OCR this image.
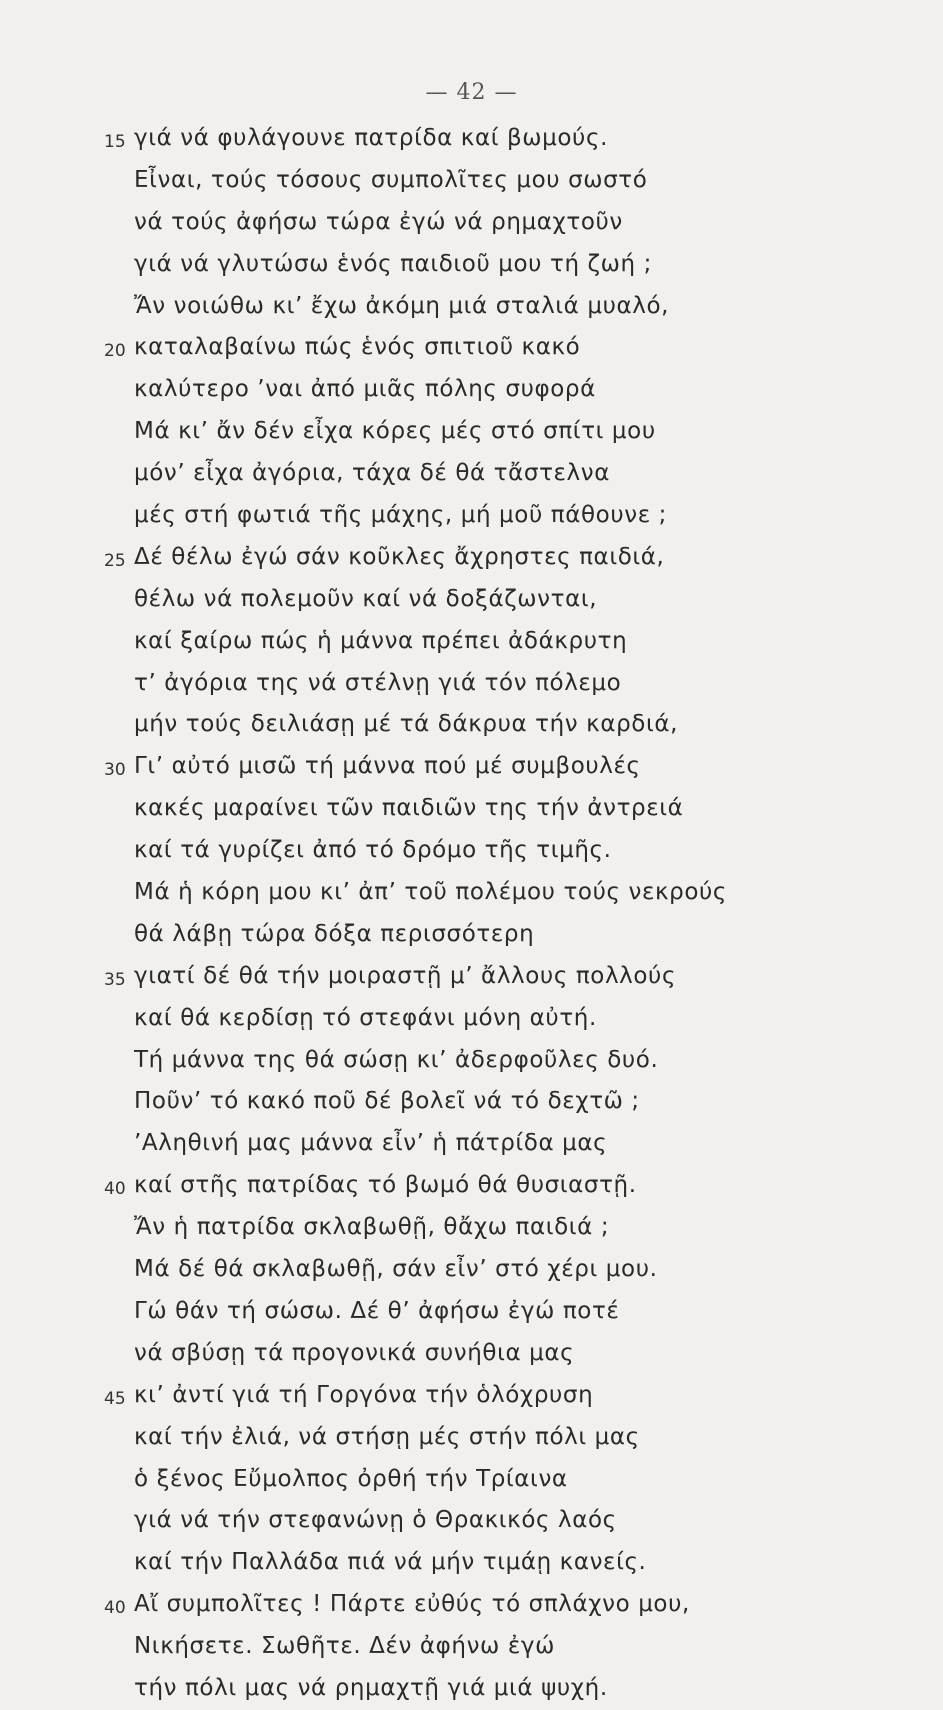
— 42 —
15 γιά νά φυλάγουνε πατρίδα καί βωμούς.
Εἶναι, τούς τόσους συμπολῖτες μου σωστό
νά τούς ἀφήσω τώρα ἐγώ νά ρημαχτοῦν
γιά νά γλυτώσω ἑνός παιδιοῦ μου τή ζωή ;
Ἄν νοιώθω κι’ ἔχω ἀκόμη μιά σταλιά μυαλό,
20 καταλαβαίνω πώς ἑνός σπιτιοῦ κακό
καλύτερο ’ναι ἀπό μιᾶς πόλης συφορά
Μά κι’ ἄν δέν εἶχα κόρες μές στό σπίτι μου
μόν’ εἶχα ἀγόρια, τάχα δέ θά τἄστελνα
μές στή φωτιά τῆς μάχης, μή μοῦ πάθουνε ;
25 Δέ θέλω ἐγώ σάν κοῦκλες ἄχρηστες παιδιά,
θέλω νά πολεμοῦν καί νά δοξάζωνται,
καί ξαίρω πώς ἡ μάννα πρέπει ἀδάκρυτη
τ’ ἀγόρια της νά στέλνῃ γιά τόν πόλεμο
μήν τούς δειλιάσῃ μέ τά δάκρυα τήν καρδιά,
30 Γι’ αὐτό μισῶ τή μάννα πού μέ συμβουλές
κακές μαραίνει τῶν παιδιῶν της τήν ἀντρειά
καί τά γυρίζει ἀπό τό δρόμο τῆς τιμῆς.
Μά ἡ κόρη μου κι’ ἀπ’ τοῦ πολέμου τούς νεκρούς
θά λάβῃ τώρα δόξα περισσότερη
35 γιατί δέ θά τήν μοιραστῇ μ’ ἄλλους πολλούς
καί θά κερδίσῃ τό στεφάνι μόνη αὐτή.
Τή μάννα της θά σώσῃ κι’ ἀδερφοῦλες δυό.
Ποῦν’ τό κακό ποῦ δέ βολεῖ νά τό δεχτῶ ;
’Αληθινή μας μάννα εἶν’ ἡ πάτρίδα μας
40 καί στῆς πατρίδας τό βωμό θά θυσιαστῇ.
Ἄν ἡ πατρίδα σκλαβωθῇ, θἄχω παιδιά ;
Μά δέ θά σκλαβωθῇ, σάν εἶν’ στό χέρι μου.
Γώ θάν τή σώσω. Δέ θ’ ἀφήσω ἐγώ ποτέ
νά σβύσῃ τά προγονικά συνήθια μας
45 κι’ ἀντί γιά τή Γοργόνα τήν ὁλόχρυση
καί τήν ἐλιά, νά στήσῃ μές στήν πόλι μας
ὁ ξένος Εὔμολπος ὀρθή τήν Τρίαινα
γιά νά τήν στεφανώνῃ ὁ Θρακικός λαός
καί τήν Παλλάδα πιά νά μήν τιμάῃ κανείς.
40 Αἴ συμπολῖτες ! Πάρτε εὐθύς τό σπλάχνο μου,
Νικήσετε. Σωθῆτε. Δέν ἀφήνω ἐγώ
τήν πόλι μας νά ρημαχτῇ γιά μιά ψυχή.
